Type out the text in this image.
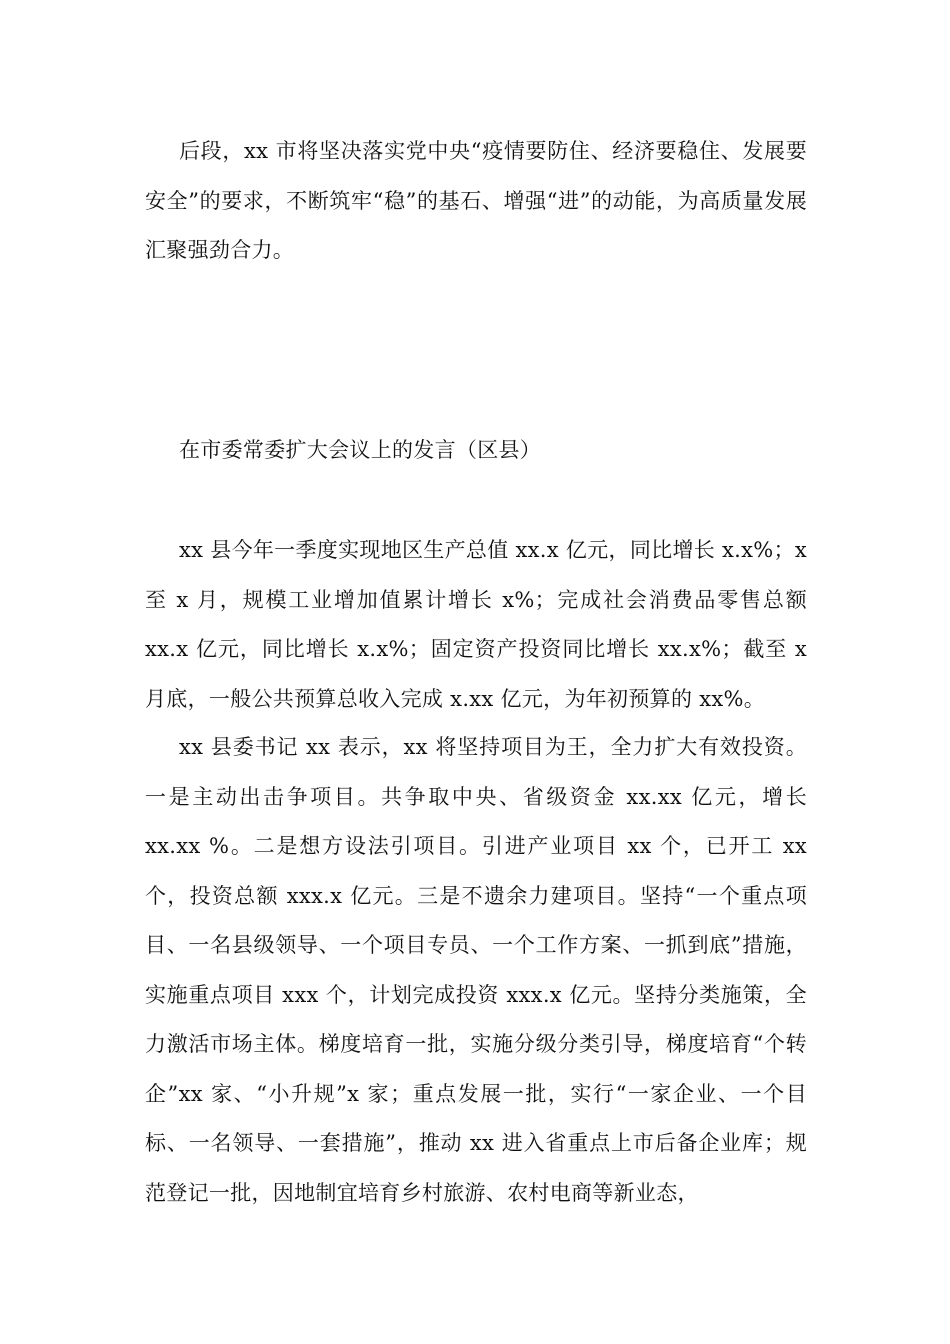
后段，xx 市将坚决落实党中央“疫情要防住、经济要稳住、发展要安全”的要求，不断筑牢“稳”的基石、增强“进”的动能，为高质量发展汇聚强劲合力。

在市委常委扩大会议上的发言（区县）

xx 县今年一季度实现地区生产总值 xx.x 亿元，同比增长 x.x%；x 至 x 月，规模工业增加值累计增长 x%；完成社会消费品零售总额 xx.x 亿元，同比增长 x.x%；固定资产投资同比增长 xx.x%；截至 x 月底，一般公共预算总收入完成 x.xx 亿元，为年初预算的 xx%。

xx 县委书记 xx 表示，xx 将坚持项目为王，全力扩大有效投资。一是主动出击争项目。共争取中央、省级资金 xx.xx 亿元，增长 xx.xx %。二是想方设法引项目。引进产业项目 xx 个，已开工 xx 个，投资总额 xxx.x 亿元。三是不遗余力建项目。坚持“一个重点项目、一名县级领导、一个项目专员、一个工作方案、一抓到底”措施，实施重点项目 xxx 个，计划完成投资 xxx.x 亿元。坚持分类施策，全力激活市场主体。梯度培育一批，实施分级分类引导，梯度培育“个转企”xx 家、“小升规”x 家；重点发展一批，实行“一家企业、一个目标、一名领导、一套措施”，推动 xx 进入省重点上市后备企业库；规范登记一批，因地制宜培育乡村旅游、农村电商等新业态，
